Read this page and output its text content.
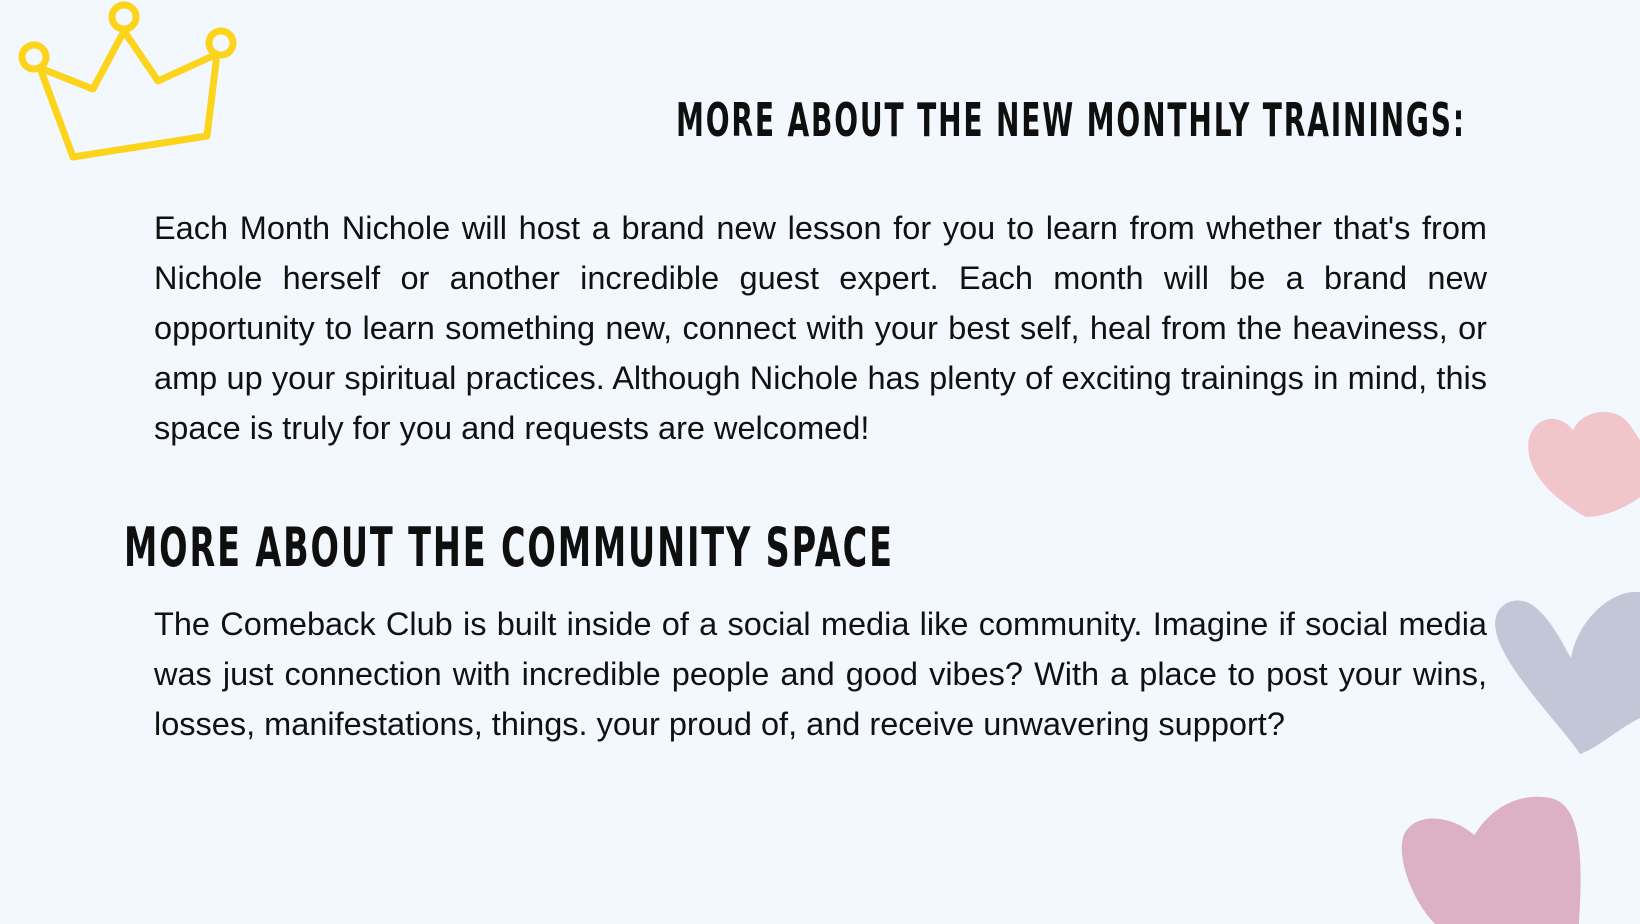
MORE ABOUT THE NEW MONTHLY TRAININGS:

Each Month Nichole will host a brand new lesson for you to learn from whether that's from Nichole herself or another incredible guest expert. Each month will be a brand new opportunity to learn something new, connect with your best self, heal from the heaviness, or amp up your spiritual practices. Although Nichole has plenty of exciting trainings in mind, this space is truly for you and requests are welcomed!

MORE ABOUT THE COMMUNITY SPACE

The Comeback Club is built inside of a social media like community. Imagine if social media was just connection with incredible people and good vibes? With a place to post your wins, losses, manifestations, things. your proud of, and receive unwavering support?
